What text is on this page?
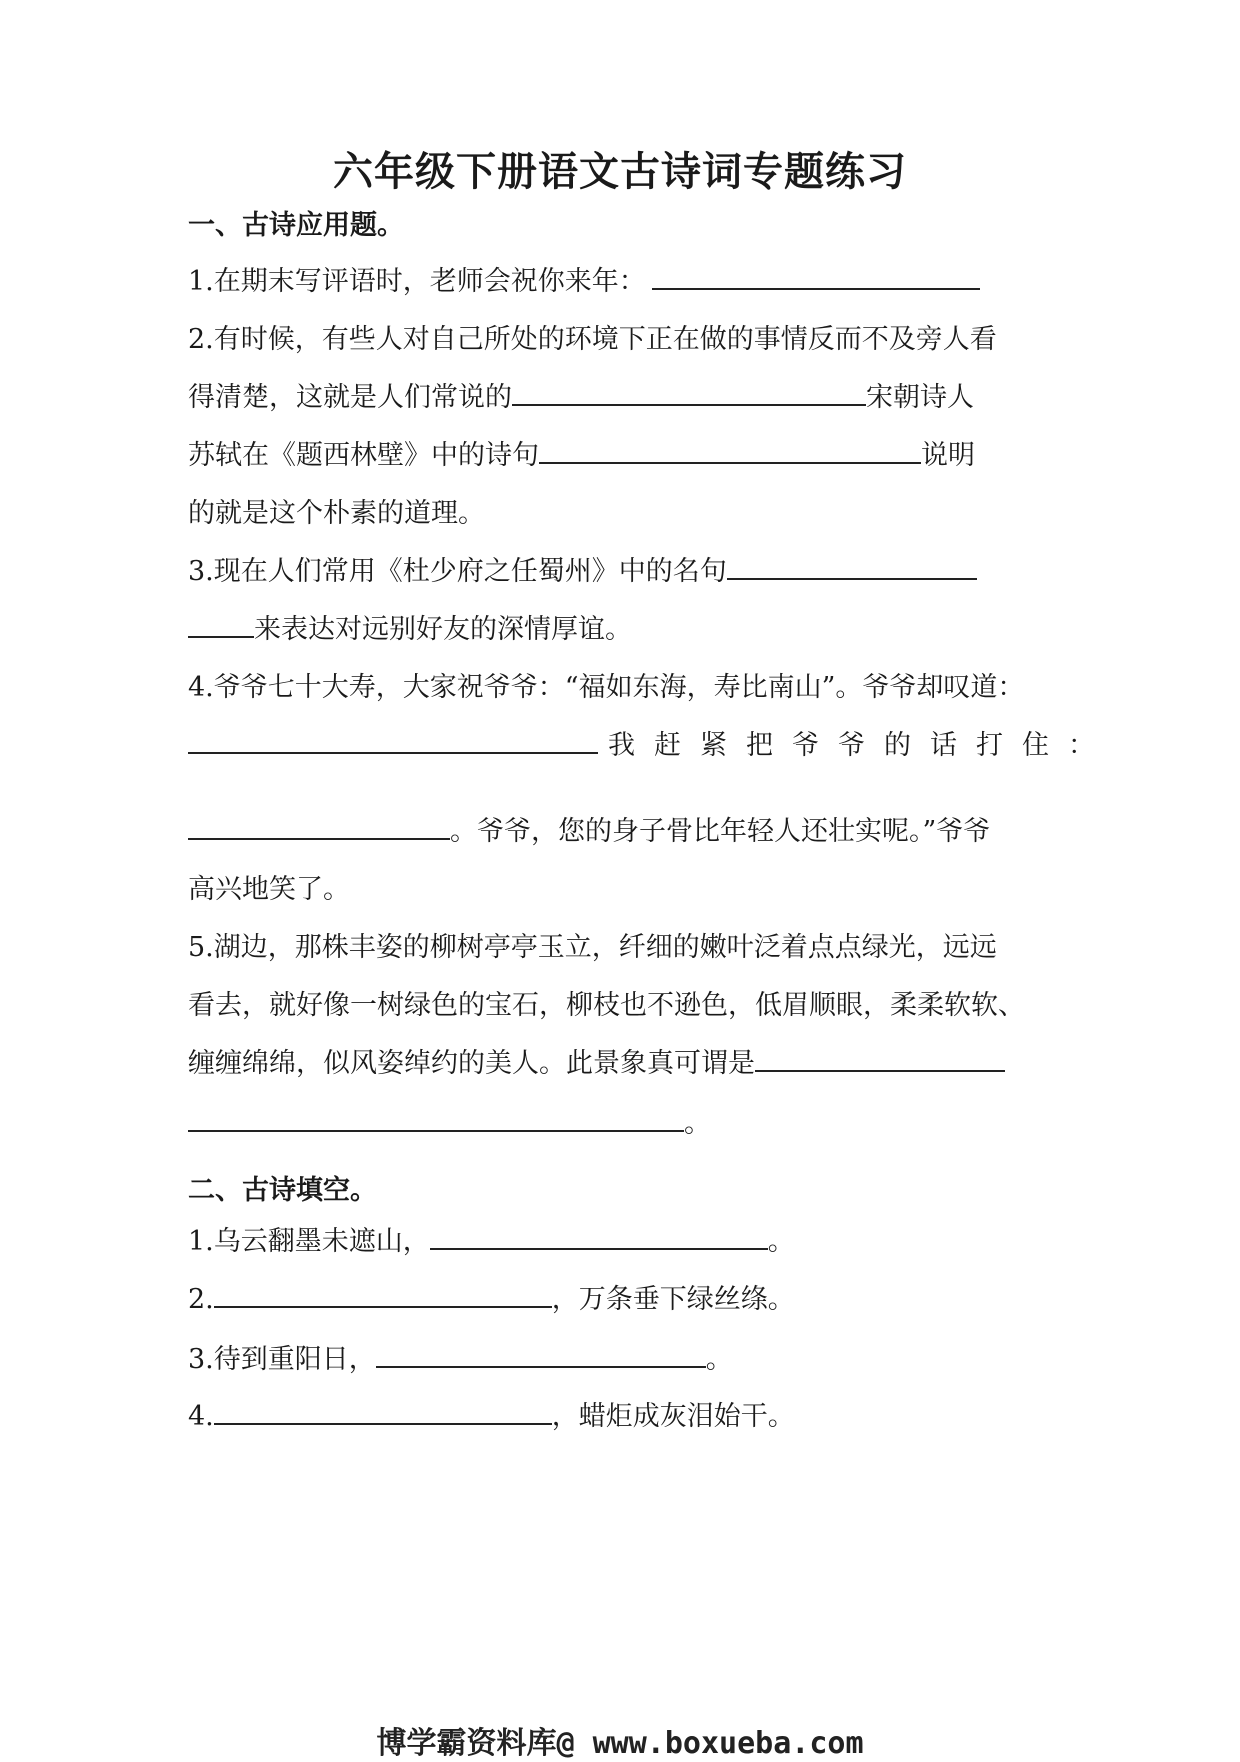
六年级下册语文古诗词专题练习
一、古诗应用题。
1.在期末写评语时，老师会祝你来年：
2.有时候，有些人对自己所处的环境下正在做的事情反而不及旁人看
得清楚，这就是人们常说的	宋朝诗人
苏轼在《题西林壁》中的诗句	说明
的就是这个朴素的道理。
3.现在人们常用《杜少府之任蜀州》中的名句
来表达对远别好友的深情厚谊。
4.爷爷七十大寿，大家祝爷爷：“福如东海，寿比南山”。爷爷却叹道：
我赶紧把爷爷的话打住：
。爷爷，您的身子骨比年轻人还壮实呢。”爷爷
高兴地笑了。
5.湖边，那株丰姿的柳树亭亭玉立，纤细的嫩叶泛着点点绿光，远远
看去，就好像一树绿色的宝石，柳枝也不逊色，低眉顺眼，柔柔软软、
缠缠绵绵，似风姿绰约的美人。此景象真可谓是
。
二、古诗填空。
1.乌云翻墨未遮山，	。
2.	，万条垂下绿丝绦。
3.待到重阳日，	。
4.	，蜡炬成灰泪始干。
博学霸资料库@ www.boxueba.com
